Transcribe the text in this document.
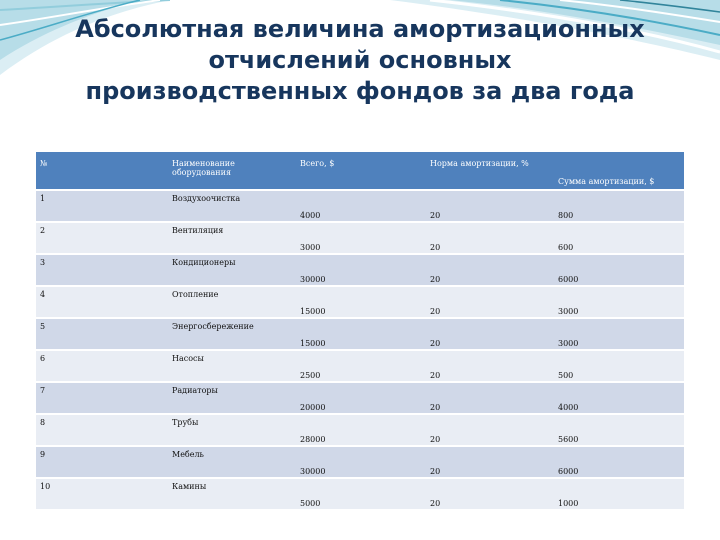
Абсолютная величина амортизационных
отчислений основных
производственных фондов за два года
№	Наименование оборудования	Всего, $	Норма амортизации, %	Сумма амортизации, $
1	Воздухоочистка	4000	20	800
2	Вентиляция	3000	20	600
3	Кондиционеры	30000	20	6000
4	Отопление	15000	20	3000
5	Энергосбережение	15000	20	3000
6	Насосы	2500	20	500
7	Радиаторы	20000	20	4000
8	Трубы	28000	20	5600
9	Мебель	30000	20	6000
10	Камины	5000	20	1000
